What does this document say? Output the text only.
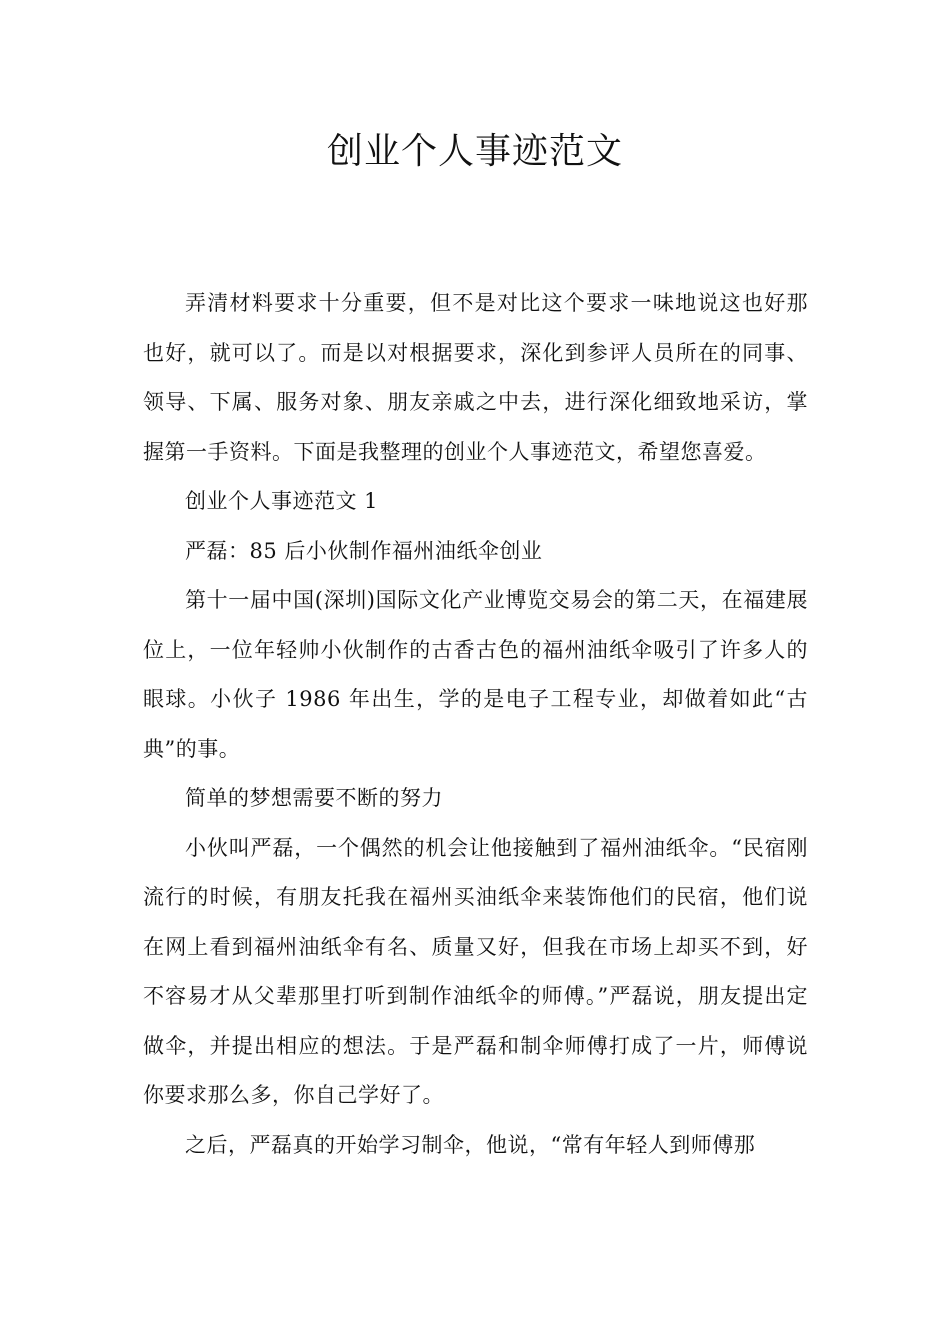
创业个人事迹范文

弄清材料要求十分重要，但不是对比这个要求一味地说这也好那也好，就可以了。而是以对根据要求，深化到参评人员所在的同事、领导、下属、服务对象、朋友亲戚之中去，进行深化细致地采访，掌握第一手资料。下面是我整理的创业个人事迹范文，希望您喜爱。

创业个人事迹范文 1

严磊：85 后小伙制作福州油纸伞创业

第十一届中国(深圳)国际文化产业博览交易会的第二天，在福建展位上，一位年轻帅小伙制作的古香古色的福州油纸伞吸引了许多人的眼球。小伙子 1986 年出生，学的是电子工程专业，却做着如此“古典”的事。

简单的梦想需要不断的努力

小伙叫严磊，一个偶然的机会让他接触到了福州油纸伞。“民宿刚流行的时候，有朋友托我在福州买油纸伞来装饰他们的民宿，他们说在网上看到福州油纸伞有名、质量又好，但我在市场上却买不到，好不容易才从父辈那里打听到制作油纸伞的师傅。”严磊说，朋友提出定做伞，并提出相应的想法。于是严磊和制伞师傅打成了一片，师傅说你要求那么多，你自己学好了。

之后，严磊真的开始学习制伞，他说，“常有年轻人到师傅那
